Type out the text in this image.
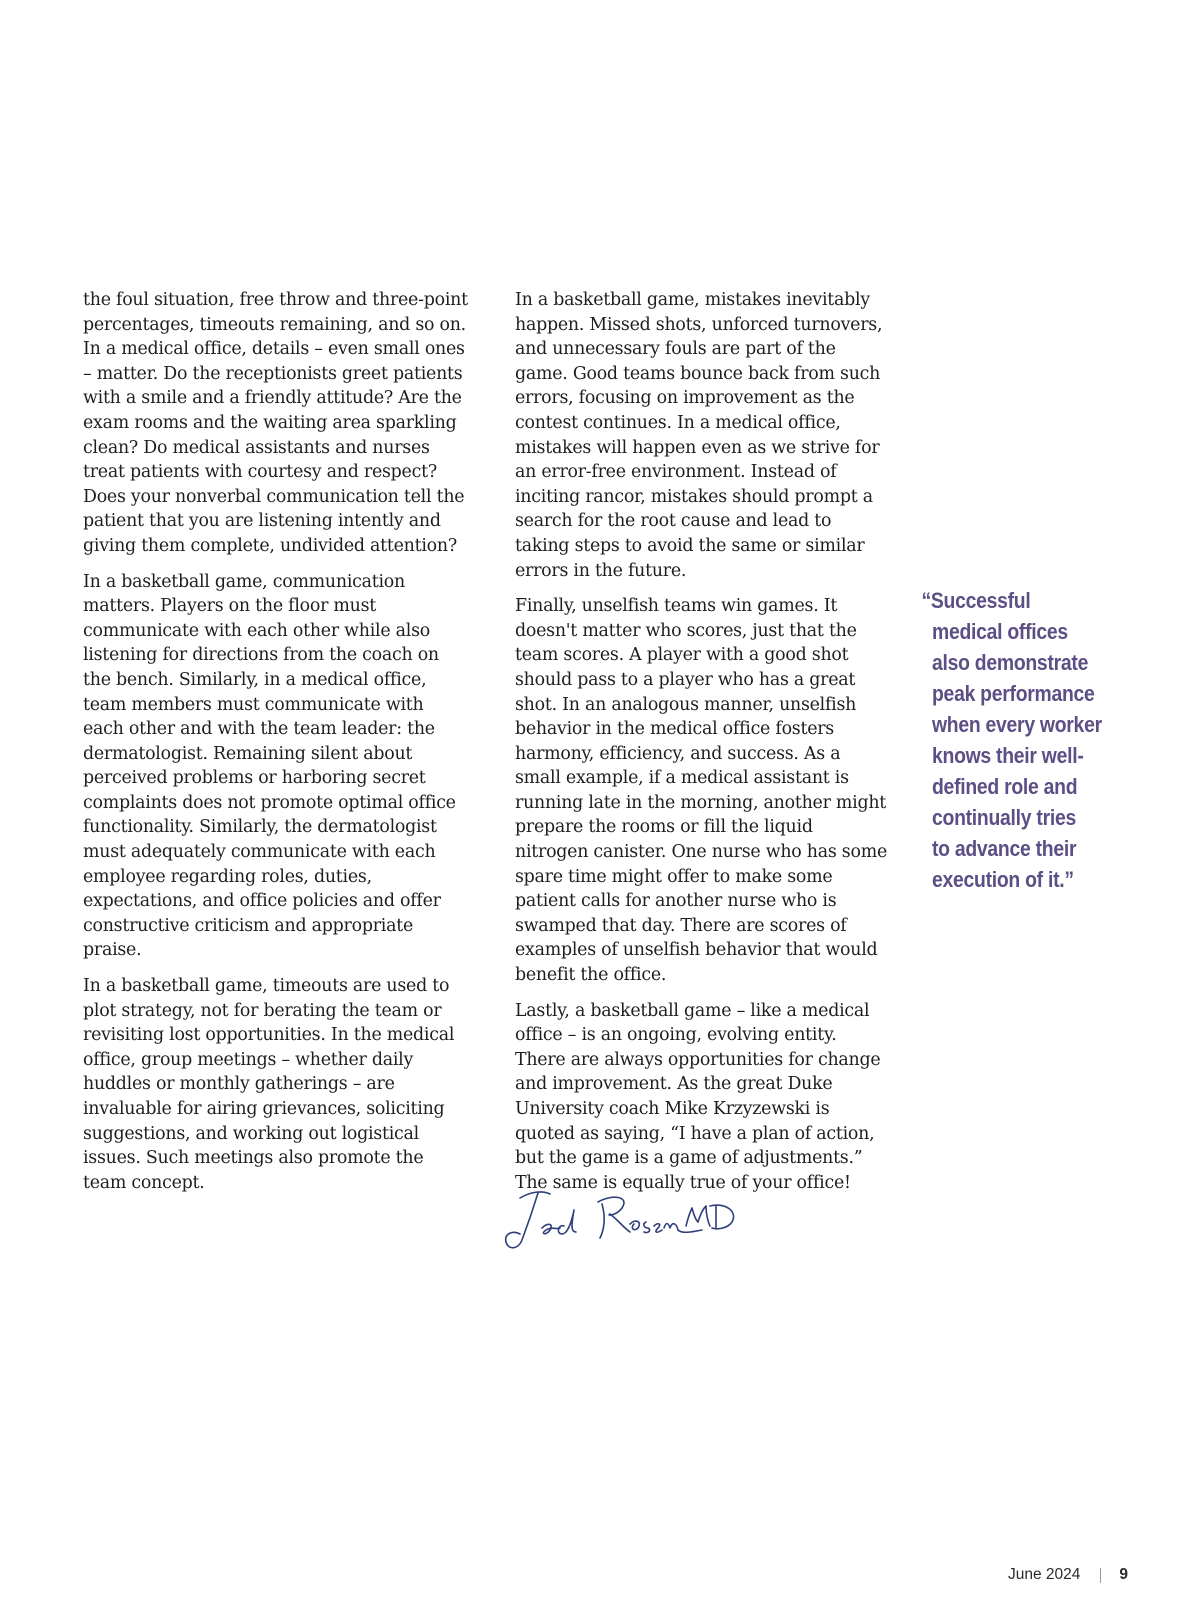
the foul situation, free throw and three-point percentages, timeouts remaining, and so on. In a medical office, details – even small ones – matter. Do the receptionists greet patients with a smile and a friendly attitude? Are the exam rooms and the waiting area sparkling clean? Do medical assistants and nurses treat patients with courtesy and respect? Does your nonverbal communication tell the patient that you are listening intently and giving them complete, undivided attention?

In a basketball game, communication matters. Players on the floor must communicate with each other while also listening for directions from the coach on the bench. Similarly, in a medical office, team members must communicate with each other and with the team leader: the dermatologist. Remaining silent about perceived problems or harboring secret complaints does not promote optimal office functionality. Similarly, the dermatologist must adequately communicate with each employee regarding roles, duties, expectations, and office policies and offer constructive criticism and appropriate praise.

In a basketball game, timeouts are used to plot strategy, not for berating the team or revisiting lost opportunities. In the medical office, group meetings – whether daily huddles or monthly gatherings – are invaluable for airing grievances, soliciting suggestions, and working out logistical issues. Such meetings also promote the team concept.

In a basketball game, mistakes inevitably happen. Missed shots, unforced turnovers, and unnecessary fouls are part of the game. Good teams bounce back from such errors, focusing on improvement as the contest continues. In a medical office, mistakes will happen even as we strive for an error-free environment. Instead of inciting rancor, mistakes should prompt a search for the root cause and lead to taking steps to avoid the same or similar errors in the future.

Finally, unselfish teams win games. It doesn't matter who scores, just that the team scores. A player with a good shot should pass to a player who has a great shot. In an analogous manner, unselfish behavior in the medical office fosters harmony, efficiency, and success. As a small example, if a medical assistant is running late in the morning, another might prepare the rooms or fill the liquid nitrogen canister. One nurse who has some spare time might offer to make some patient calls for another nurse who is swamped that day. There are scores of examples of unselfish behavior that would benefit the office.

Lastly, a basketball game – like a medical office – is an ongoing, evolving entity. There are always opportunities for change and improvement. As the great Duke University coach Mike Krzyzewski is quoted as saying, “I have a plan of action, but the game is a game of adjustments.” The same is equally true of your office!

“Successful
medical offices
also demonstrate
peak performance
when every worker
knows their well-
defined role and
continually tries
to advance their
execution of it.”
June 2024	9
